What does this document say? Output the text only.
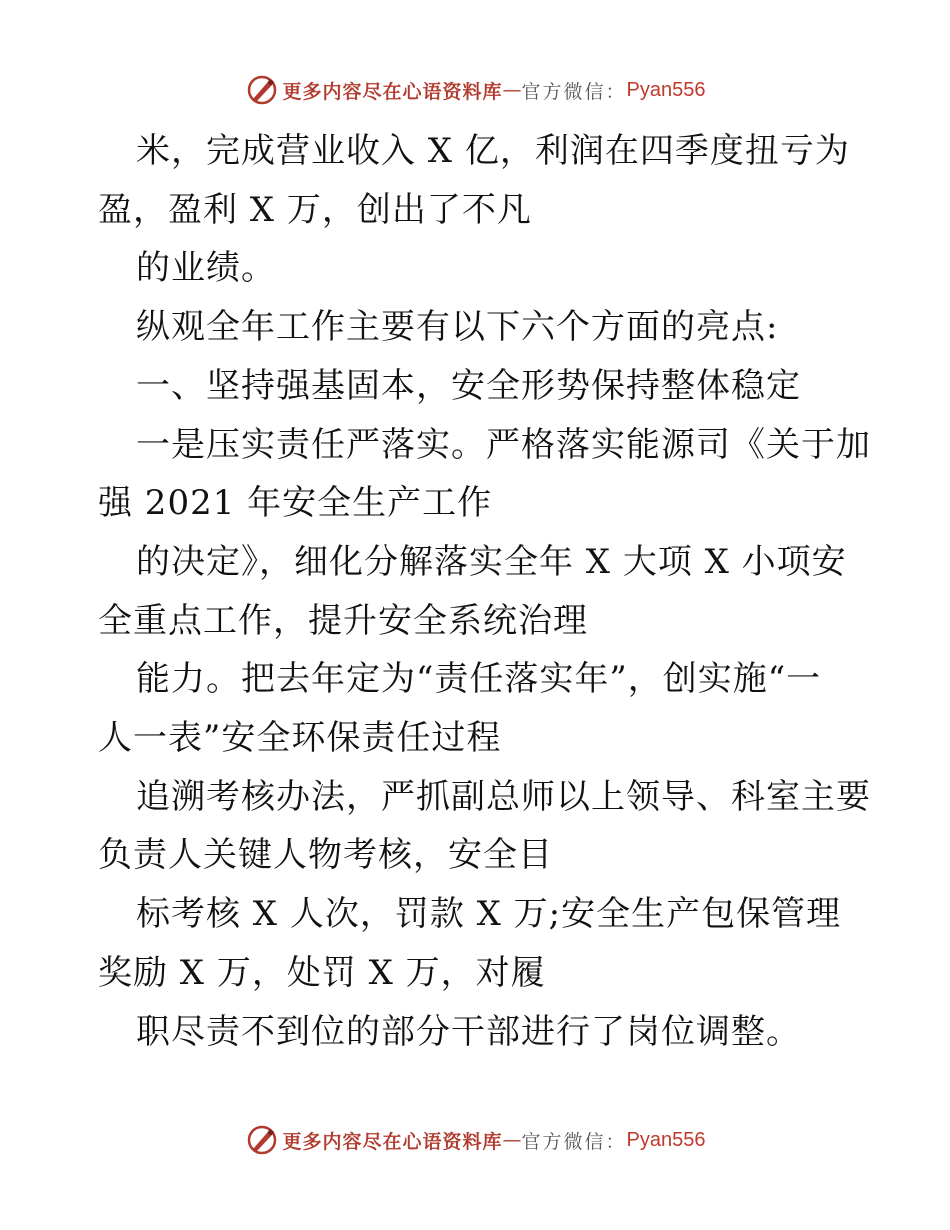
更多内容尽在心语资料库 — 官方微信： Pyan556

米，完成营业收入 X 亿，利润在四季度扭亏为
盈，盈利 X 万，创出了不凡

的业绩。

纵观全年工作主要有以下六个方面的亮点:

一、坚持强基固本，安全形势保持整体稳定

一是压实责任严落实。严格落实能源司《关于加
强 2021 年安全生产工作

的决定》，细化分解落实全年 X 大项 X 小项安
全重点工作，提升安全系统治理

能力。把去年定为“责任落实年”，创实施“一
人一表”安全环保责任过程

追溯考核办法，严抓副总师以上领导、科室主要
负责人关键人物考核，安全目

标考核 X 人次，罚款 X 万;安全生产包保管理
奖励 X 万，处罚 X 万，对履

职尽责不到位的部分干部进行了岗位调整。

更多内容尽在心语资料库 — 官方微信： Pyan556
